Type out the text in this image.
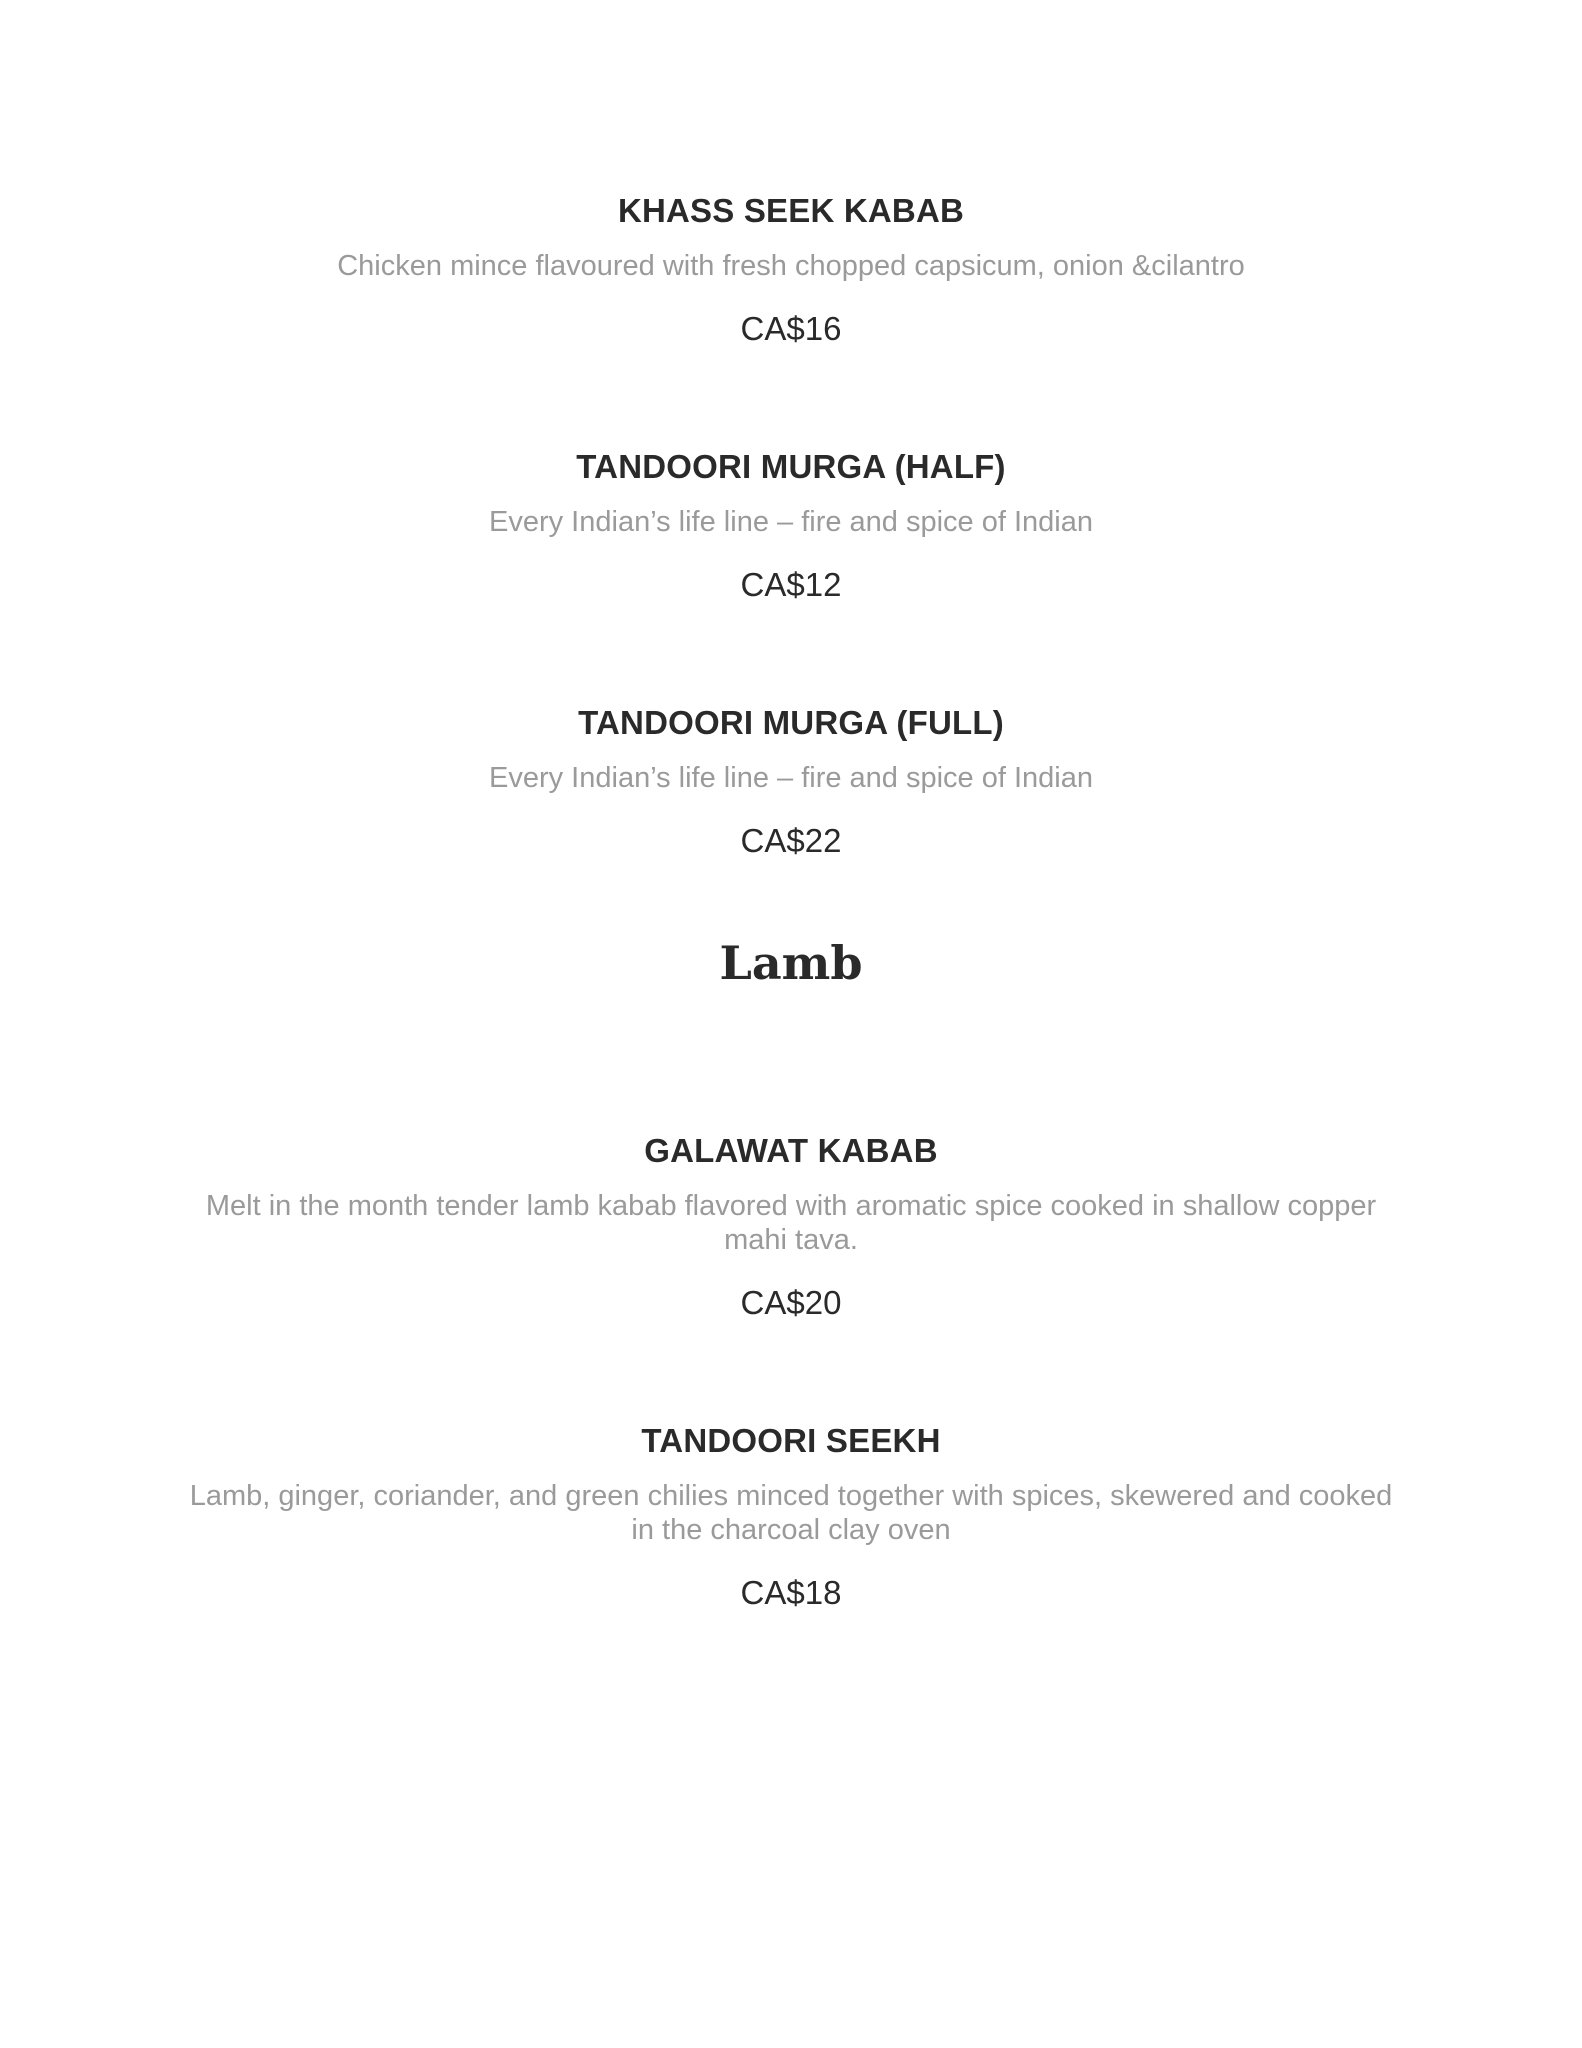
KHASS SEEK KABAB
Chicken mince flavoured with fresh chopped capsicum, onion &cilantro
CA$16
TANDOORI MURGA (HALF)
Every Indian’s life line – fire and spice of Indian
CA$12
TANDOORI MURGA (FULL)
Every Indian’s life line – fire and spice of Indian
CA$22
Lamb
GALAWAT KABAB
Melt in the month tender lamb kabab flavored with aromatic spice cooked in shallow copper mahi tava.
CA$20
TANDOORI SEEKH
Lamb, ginger, coriander, and green chilies minced together with spices, skewered and cooked in the charcoal clay oven
CA$18
